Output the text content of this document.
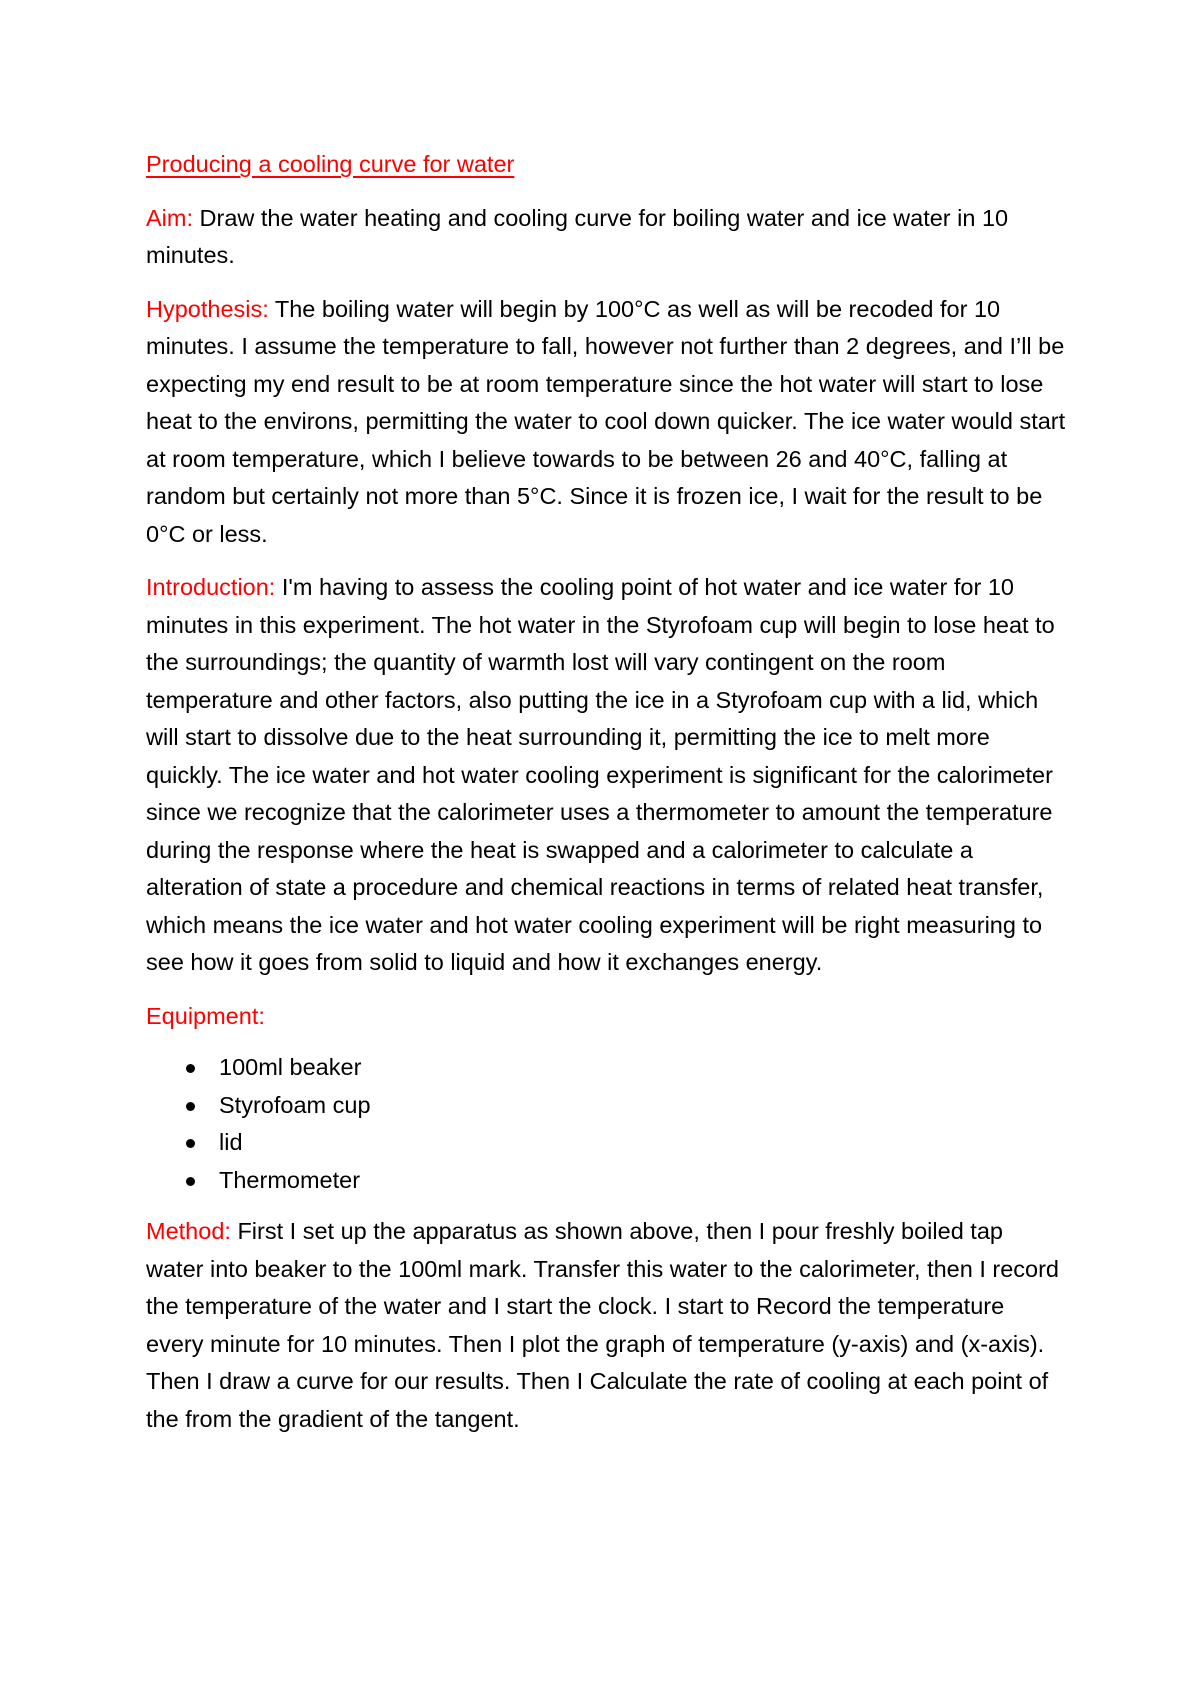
Producing a cooling curve for water

Aim: Draw the water heating and cooling curve for boiling water and ice water in 10 minutes.

Hypothesis: The boiling water will begin by 100°C as well as will be recoded for 10 minutes. I assume the temperature to fall, however not further than 2 degrees, and I’ll be expecting my end result to be at room temperature since the hot water will start to lose heat to the environs, permitting the water to cool down quicker. The ice water would start at room temperature, which I believe towards to be between 26 and 40°C, falling at random but certainly not more than 5°C. Since it is frozen ice, I wait for the result to be 0°C or less.

Introduction: I'm having to assess the cooling point of hot water and ice water for 10 minutes in this experiment. The hot water in the Styrofoam cup will begin to lose heat to the surroundings; the quantity of warmth lost will vary contingent on the room temperature and other factors, also putting the ice in a Styrofoam cup with a lid, which will start to dissolve due to the heat surrounding it, permitting the ice to melt more quickly. The ice water and hot water cooling experiment is significant for the calorimeter since we recognize that the calorimeter uses a thermometer to amount the temperature during the response where the heat is swapped and a calorimeter to calculate a alteration of state a procedure and chemical reactions in terms of related heat transfer, which means the ice water and hot water cooling experiment will be right measuring to see how it goes from solid to liquid and how it exchanges energy.

Equipment:

100ml beaker
Styrofoam cup
lid
Thermometer

Method: First I set up the apparatus as shown above, then I pour freshly boiled tap water into beaker to the 100ml mark. Transfer this water to the calorimeter, then I record the temperature of the water and I start the clock. I start to Record the temperature every minute for 10 minutes. Then I plot the graph of temperature (y-axis) and (x-axis). Then I draw a curve for our results. Then I Calculate the rate of cooling at each point of the from the gradient of the tangent.
